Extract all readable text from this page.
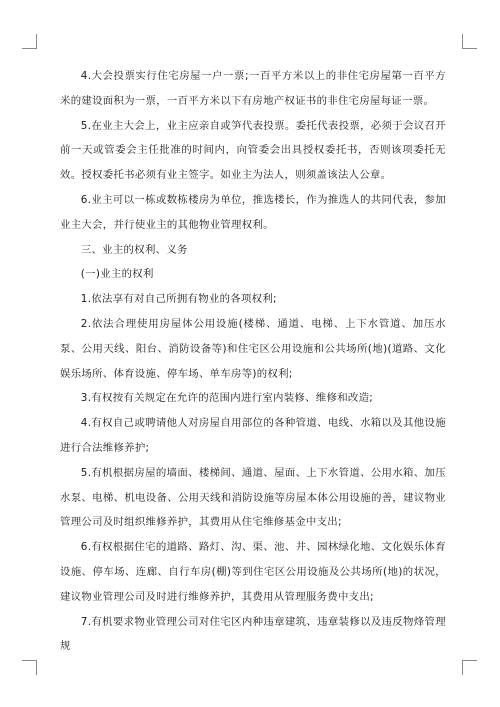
4.大会投票实行住宅房屋一户一票;一百平方米以上的非住宅房屋第一百平方米的建设面积为一票，一百平方米以下有房地产权证书的非住宅房屋每证一票。

5.在业主大会上，业主应亲自或笋代表投票。委托代表投票，必须于会议召开前一天或管委会主任批准的时间内，向管委会出具授权委托书，否则该项委托无效。授权委托书必须有业主签字。如业主为法人，则须盖该法人公章。

6.业主可以一栋或数栋楼房为单位，推选楼长，作为推选人的共同代表，参加业主大会，并行使业主的其他物业管理权利。

三、业主的权利、义务

(一)业主的权利

1.依法享有对自己所拥有物业的各项权利;

2.依法合理使用房屋体公用设施(楼梯、通道、电梯、上下水管道、加压水泵、公用天线、阳台、消防设备等)和住宅区公用设施和公共场所(地)(道路、文化娱乐场所、体育设施、停车场、单车房等)的权利;

3.有权按有关规定在允许的范围内进行室内装修、维修和改造;

4.有权自己或聘请他人对房屋自用部位的各种管道、电线、水箱以及其他设施进行合法维修养护;

5.有机根据房屋的墙面、楼梯间、通道、屋面、上下水管道、公用水箱、加压水泵、电梯、机电设备、公用天线和消防设施等房屋本体公用设施的善，建议物业管理公司及时组织维修养护，其费用从住宅维修基金中支出;

6.有权根据住宅的道路、路灯、沟、渠、池、井、园林绿化地、文化娱乐体育设施、停车场、连廊、自行车房(棚)等到住宅区公用设施及公共场所(地)的状况，建议物业管理公司及时进行维修养护，其费用从管理服务费中支出;

7.有机要求物业管理公司对住宅区内种违章建筑、违章装修以及违反物烽管理规
